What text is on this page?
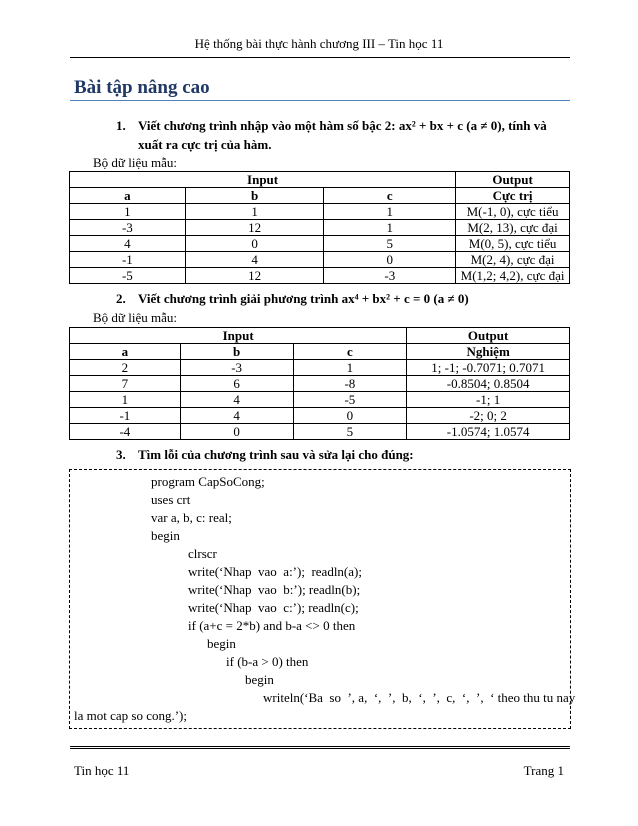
Hệ thống bài thực hành chương III – Tin học 11
Bài tập nâng cao
1. Viết chương trình nhập vào một hàm số bậc 2: ax² + bx + c (a ≠ 0), tính và
xuất ra cực trị của hàm.
Bộ dữ liệu mẫu:
Input			Output
a	b	c	Cực trị
1	1	1	M(-1, 0), cực tiểu
-3	12	1	M(2, 13), cực đại
4	0	5	M(0, 5), cực tiểu
-1	4	0	M(2, 4), cực đại
-5	12	-3	M(1,2; 4,2), cực đại
2. Viết chương trình giải phương trình ax⁴ + bx² + c = 0 (a ≠ 0)
Bộ dữ liệu mẫu:
Input			Output
a	b	c	Nghiệm
2	-3	1	1; -1; -0.7071; 0.7071
7	6	-8	-0.8504; 0.8504
1	4	-5	-1; 1
-1	4	0	-2; 0; 2
-4	0	5	-1.0574; 1.0574
3. Tìm lỗi của chương trình sau và sửa lại cho đúng:
program CapSoCong;
uses crt
var a, b, c: real;
begin
clrscr
write(‘Nhap  vao  a:’);  readln(a);
write(‘Nhap  vao  b:’); readln(b);
write(‘Nhap  vao  c:’); readln(c);
if (a+c = 2*b) and b-a <> 0 then
begin
if (b-a > 0) then
begin
writeln(‘Ba  so  ’, a,  ‘,  ’,  b,  ‘,  ’,  c,  ‘,  ’,  ‘ theo thu tu nay
la mot cap so cong.’);
Tin học 11	Trang 1
